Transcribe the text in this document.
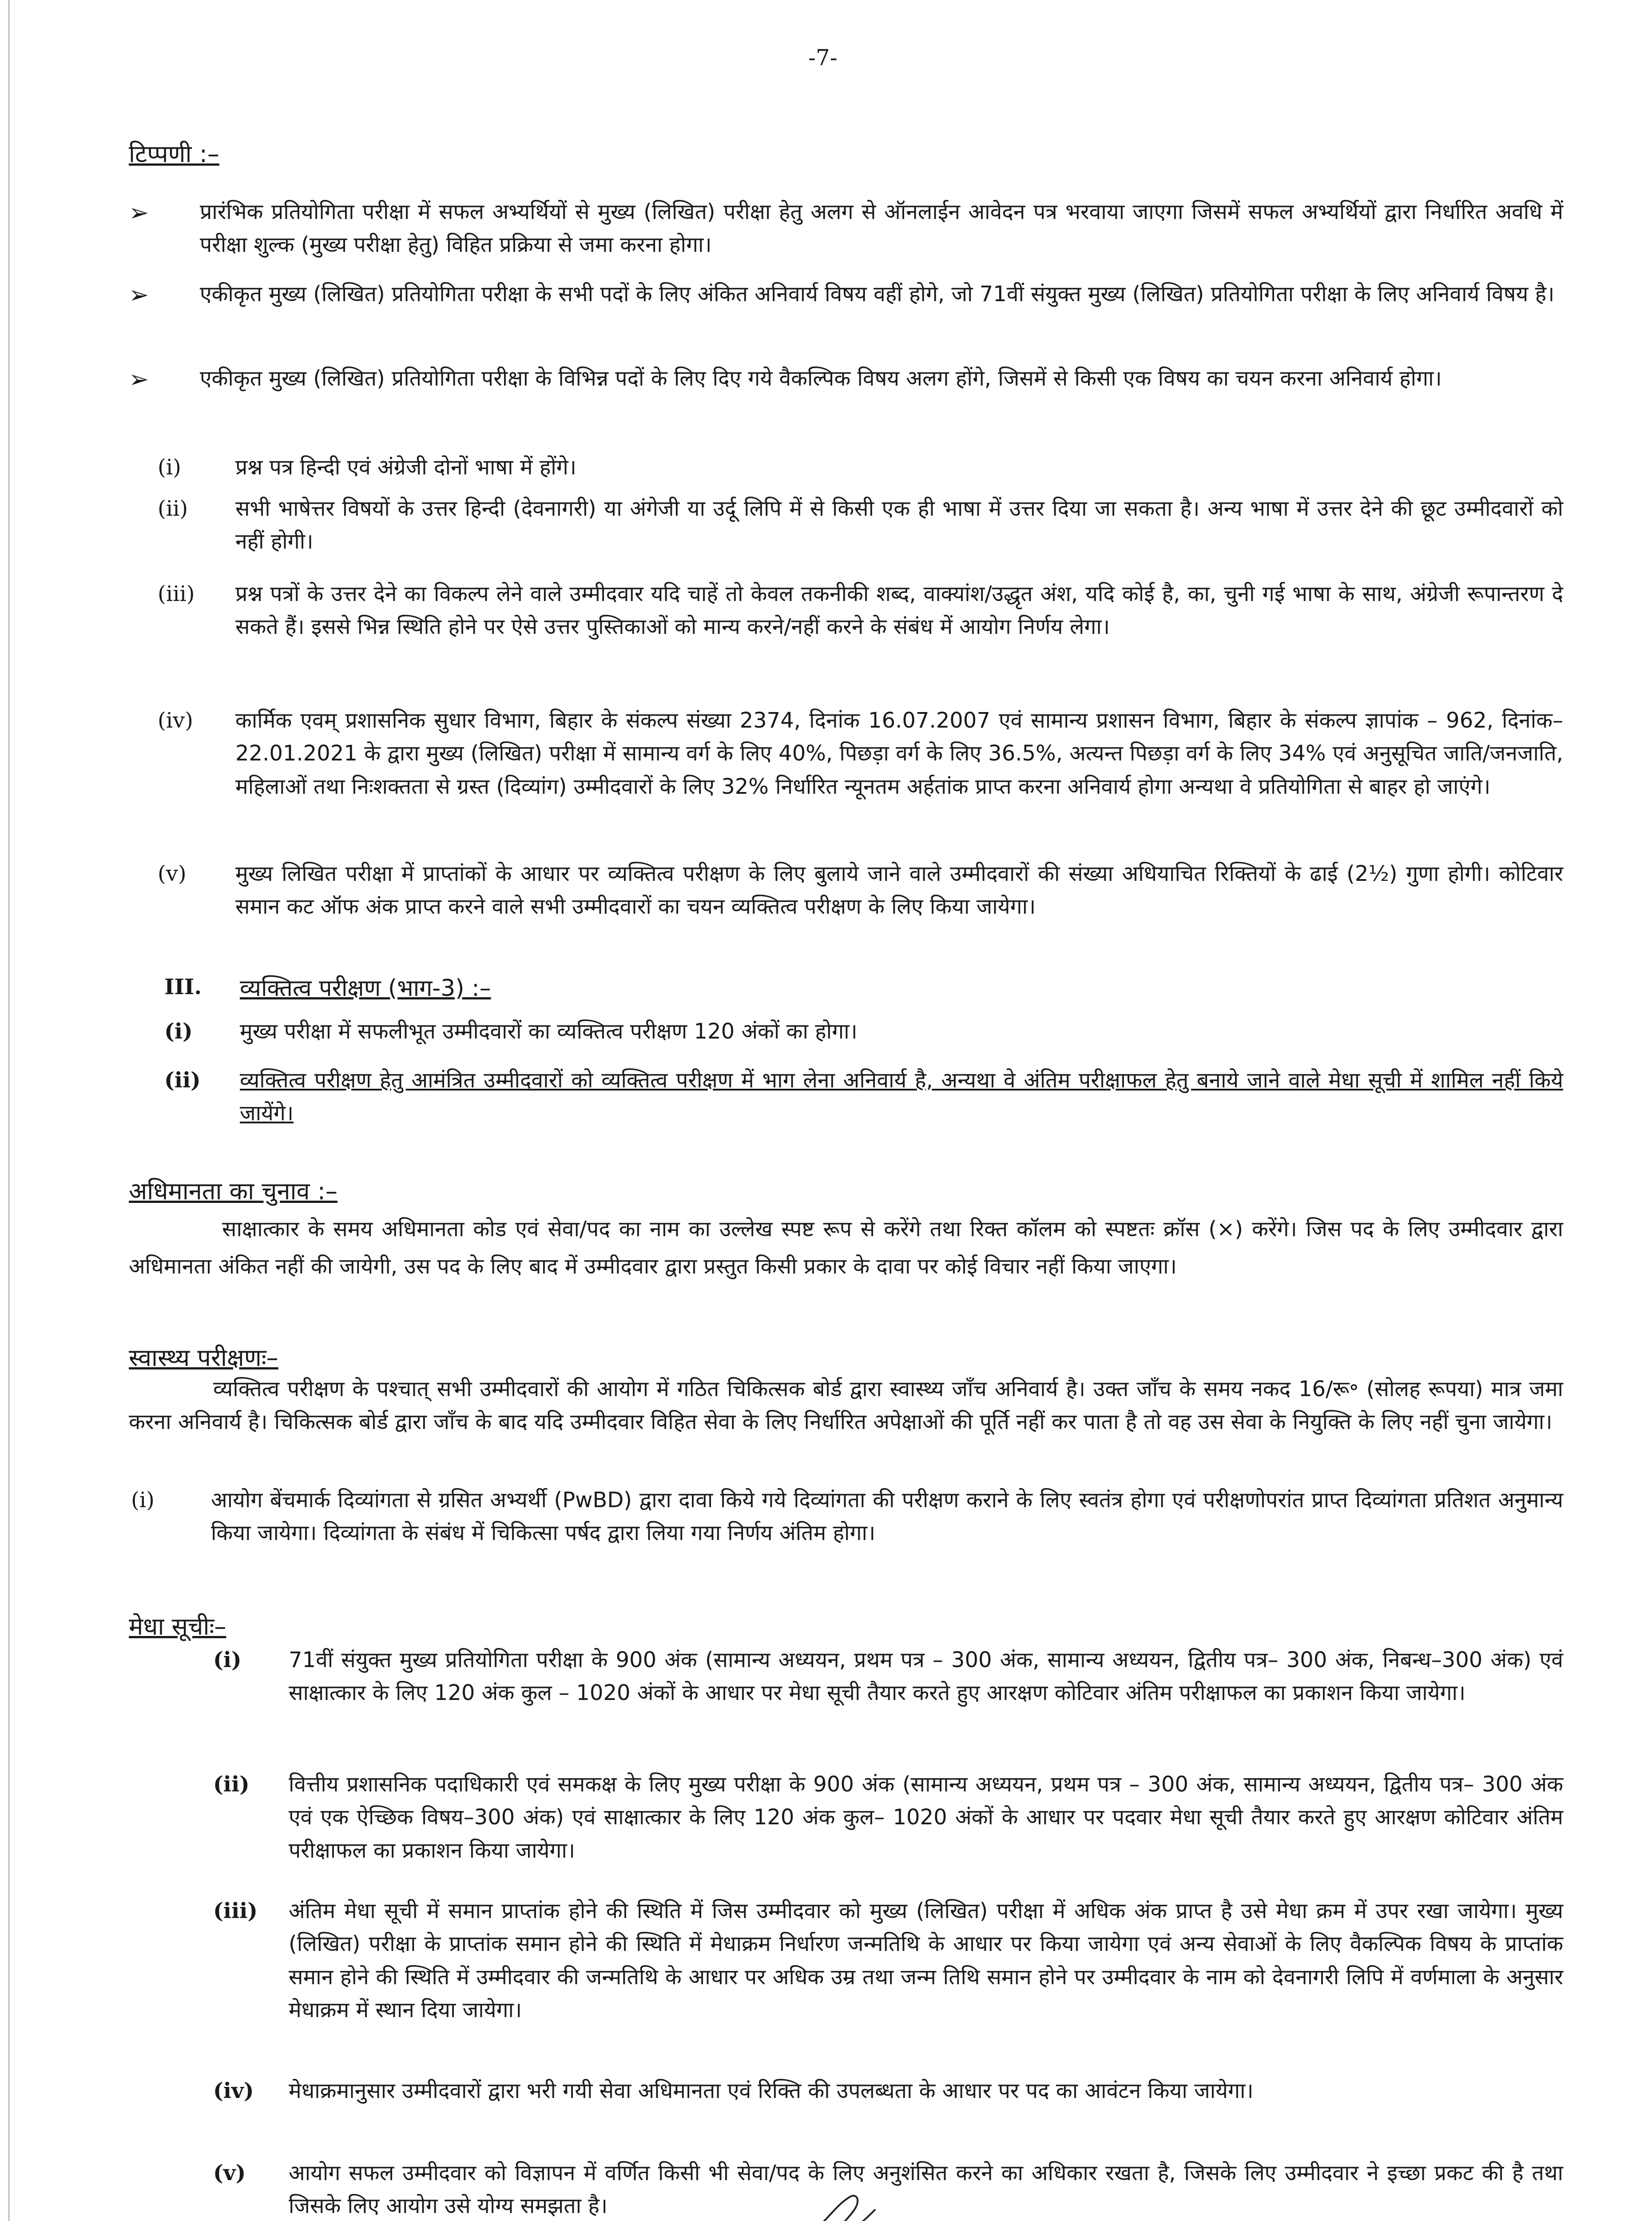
-7-
टिप्पणी :–
➢	प्रारंभिक प्रतियोगिता परीक्षा में सफल अभ्यर्थियों से मुख्य (लिखित) परीक्षा हेतु अलग से ऑनलाईन आवेदन पत्र भरवाया जाएगा जिसमें सफल अभ्यर्थियों द्वारा निर्धारित अवधि में परीक्षा शुल्क (मुख्य परीक्षा हेतु) विहित प्रक्रिया से जमा करना होगा।
➢	एकीकृत मुख्य (लिखित) प्रतियोगिता परीक्षा के सभी पदों के लिए अंकित अनिवार्य विषय वहीं होगे, जो 71वीं संयुक्त मुख्य (लिखित) प्रतियोगिता परीक्षा के लिए अनिवार्य विषय है।
➢	एकीकृत मुख्य (लिखित) प्रतियोगिता परीक्षा के विभिन्न पदों के लिए दिए गये वैकल्पिक विषय अलग होंगे, जिसमें से किसी एक विषय का चयन करना अनिवार्य होगा।
(i)	प्रश्न पत्र हिन्दी एवं अंग्रेजी दोनों भाषा में होंगे।
(ii)	सभी भाषेत्तर विषयों के उत्तर हिन्दी (देवनागरी) या अंगेजी या उर्दू लिपि में से किसी एक ही भाषा में उत्तर दिया जा सकता है। अन्य भाषा में उत्तर देने की छूट उम्मीदवारों को नहीं होगी।
(iii)	प्रश्न पत्रों के उत्तर देने का विकल्प लेने वाले उम्मीदवार यदि चाहें तो केवल तकनीकी शब्द, वाक्यांश/उद्धृत अंश, यदि कोई है, का, चुनी गई भाषा के साथ, अंग्रेजी रूपान्तरण दे सकते हैं। इससे भिन्न स्थिति होने पर ऐसे उत्तर पुस्तिकाओं को मान्य करने/नहीं करने के संबंध में आयोग निर्णय लेगा।
(iv)	कार्मिक एवम् प्रशासनिक सुधार विभाग, बिहार के संकल्प संख्या 2374, दिनांक 16.07.2007 एवं सामान्य प्रशासन विभाग, बिहार के संकल्प ज्ञापांक – 962, दिनांक–22.01.2021 के द्वारा मुख्य (लिखित) परीक्षा में सामान्य वर्ग के लिए 40%, पिछड़ा वर्ग के लिए 36.5%, अत्यन्त पिछड़ा वर्ग के लिए 34% एवं अनुसूचित जाति/जनजाति, महिलाओं तथा निःशक्तता से ग्रस्त (दिव्यांग) उम्मीदवारों के लिए 32% निर्धारित न्यूनतम अर्हतांक प्राप्त करना अनिवार्य होगा अन्यथा वे प्रतियोगिता से बाहर हो जाएंगे।
(v)	मुख्य लिखित परीक्षा में प्राप्तांकों के आधार पर व्यक्तित्व परीक्षण के लिए बुलाये जाने वाले उम्मीदवारों की संख्या अधियाचित रिक्तियों के ढाई (2½) गुणा होगी। कोटिवार समान कट ऑफ अंक प्राप्त करने वाले सभी उम्मीदवारों का चयन व्यक्तित्व परीक्षण के लिए किया जायेगा।
III.	व्यक्तित्व परीक्षण (भाग-3) :–
(i)	मुख्य परीक्षा में सफलीभूत उम्मीदवारों का व्यक्तित्व परीक्षण 120 अंकों का होगा।
(ii)	व्यक्तित्व परीक्षण हेतु आमंत्रित उम्मीदवारों को व्यक्तित्व परीक्षण में भाग लेना अनिवार्य है, अन्यथा वे अंतिम परीक्षाफल हेतु बनाये जाने वाले मेधा सूची में शामिल नहीं किये जायेंगे।
अधिमानता का चुनाव :–
साक्षात्कार के समय अधिमानता कोड एवं सेवा/पद का नाम का उल्लेख स्पष्ट रूप से करेंगे तथा रिक्त कॉलम को स्पष्टतः क्रॉस (×) करेंगे। जिस पद के लिए उम्मीदवार द्वारा अधिमानता अंकित नहीं की जायेगी, उस पद के लिए बाद में उम्मीदवार द्वारा प्रस्तुत किसी प्रकार के दावा पर कोई विचार नहीं किया जाएगा।
स्वास्थ्य परीक्षणः–
व्यक्तित्व परीक्षण के पश्चात् सभी उम्मीदवारों की आयोग में गठित चिकित्सक बोर्ड द्वारा स्वास्थ्य जाँच अनिवार्य है। उक्त जाँच के समय नकद 16/रू॰ (सोलह रूपया) मात्र जमा करना अनिवार्य है। चिकित्सक बोर्ड द्वारा जाँच के बाद यदि उम्मीदवार विहित सेवा के लिए निर्धारित अपेक्षाओं की पूर्ति नहीं कर पाता है तो वह उस सेवा के नियुक्ति के लिए नहीं चुना जायेगा।
(i)	आयोग बेंचमार्क दिव्यांगता से ग्रसित अभ्यर्थी (PwBD) द्वारा दावा किये गये दिव्यांगता की परीक्षण कराने के लिए स्वतंत्र होगा एवं परीक्षणोपरांत प्राप्त दिव्यांगता प्रतिशत अनुमान्य किया जायेगा। दिव्यांगता के संबंध में चिकित्सा पर्षद द्वारा लिया गया निर्णय अंतिम होगा।
मेधा सूचीः–
(i)	71वीं संयुक्त मुख्य प्रतियोगिता परीक्षा के 900 अंक (सामान्य अध्ययन, प्रथम पत्र – 300 अंक, सामान्य अध्ययन, द्वितीय पत्र– 300 अंक, निबन्ध–300 अंक) एवं साक्षात्कार के लिए 120 अंक कुल – 1020 अंकों के आधार पर मेधा सूची तैयार करते हुए आरक्षण कोटिवार अंतिम परीक्षाफल का प्रकाशन किया जायेगा।
(ii)	वित्तीय प्रशासनिक पदाधिकारी एवं समकक्ष के लिए मुख्य परीक्षा के 900 अंक (सामान्य अध्ययन, प्रथम पत्र – 300 अंक, सामान्य अध्ययन, द्वितीय पत्र– 300 अंक एवं एक ऐच्छिक विषय–300 अंक) एवं साक्षात्कार के लिए 120 अंक कुल– 1020 अंकों के आधार पर पदवार मेधा सूची तैयार करते हुए आरक्षण कोटिवार अंतिम परीक्षाफल का प्रकाशन किया जायेगा।
(iii)	अंतिम मेधा सूची में समान प्राप्तांक होने की स्थिति में जिस उम्मीदवार को मुख्य (लिखित) परीक्षा में अधिक अंक प्राप्त है उसे मेधा क्रम में उपर रखा जायेगा। मुख्य (लिखित) परीक्षा के प्राप्तांक समान होने की स्थिति में मेधाक्रम निर्धारण जन्मतिथि के आधार पर किया जायेगा एवं अन्य सेवाओं के लिए वैकल्पिक विषय के प्राप्तांक समान होने की स्थिति में उम्मीदवार की जन्मतिथि के आधार पर अधिक उम्र तथा जन्म तिथि समान होने पर उम्मीदवार के नाम को देवनागरी लिपि में वर्णमाला के अनुसार मेधाक्रम में स्थान दिया जायेगा।
(iv)	मेधाक्रमानुसार उम्मीदवारों द्वारा भरी गयी सेवा अधिमानता एवं रिक्ति की उपलब्धता के आधार पर पद का आवंटन किया जायेगा।
(v)	आयोग सफल उम्मीदवार को विज्ञापन में वर्णित किसी भी सेवा/पद के लिए अनुशंसित करने का अधिकार रखता है, जिसके लिए उम्मीदवार ने इच्छा प्रकट की है तथा जिसके लिए आयोग उसे योग्य समझता है।
